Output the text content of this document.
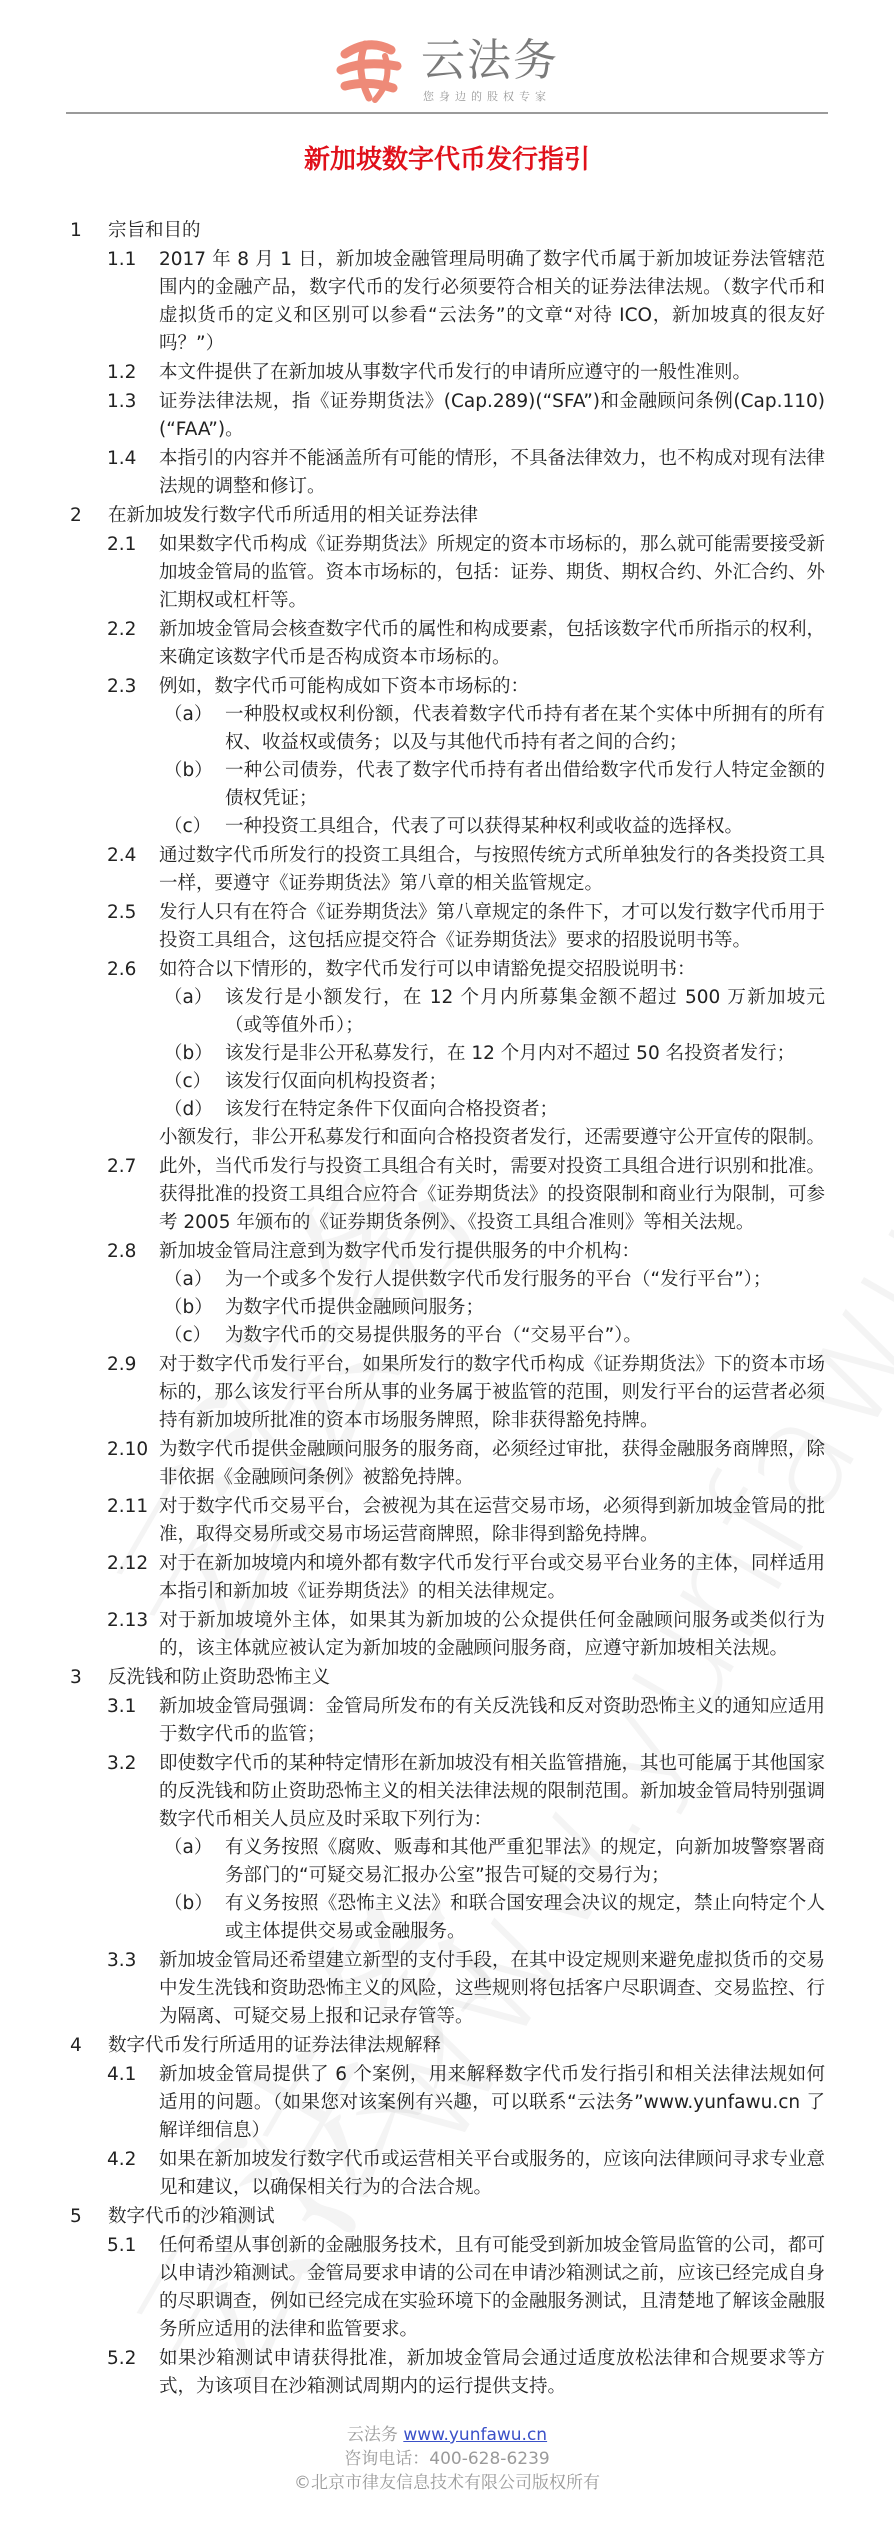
云法务
您身边的股权专家
新加坡数字代币发行指引
1 宗旨和目的
1.1 2017 年 8 月 1 日，新加坡金融管理局明确了数字代币属于新加坡证券法管辖范围内的金融产品，数字代币的发行必须要符合相关的证券法律法规。（数字代币和虚拟货币的定义和区别可以参看“云法务”的文章“对待 ICO，新加坡真的很友好吗？”）
1.2 本文件提供了在新加坡从事数字代币发行的申请所应遵守的一般性准则。
1.3 证券法律法规，指《证券期货法》(Cap.289)(“SFA”)和金融顾问条例(Cap.110)(“FAA”)。
1.4 本指引的内容并不能涵盖所有可能的情形，不具备法律效力，也不构成对现有法律法规的调整和修订。
2 在新加坡发行数字代币所适用的相关证券法律
2.1 如果数字代币构成《证券期货法》所规定的资本市场标的，那么就可能需要接受新加坡金管局的监管。资本市场标的，包括：证券、期货、期权合约、外汇合约、外汇期权或杠杆等。
2.2 新加坡金管局会核查数字代币的属性和构成要素，包括该数字代币所指示的权利，来确定该数字代币是否构成资本市场标的。
2.3 例如，数字代币可能构成如下资本市场标的：
（a） 一种股权或权利份额，代表着数字代币持有者在某个实体中所拥有的所有权、收益权或债务；以及与其他代币持有者之间的合约；
（b） 一种公司债券，代表了数字代币持有者出借给数字代币发行人特定金额的债权凭证；
（c） 一种投资工具组合，代表了可以获得某种权利或收益的选择权。
2.4 通过数字代币所发行的投资工具组合，与按照传统方式所单独发行的各类投资工具一样，要遵守《证券期货法》第八章的相关监管规定。
2.5 发行人只有在符合《证券期货法》第八章规定的条件下，才可以发行数字代币用于投资工具组合，这包括应提交符合《证券期货法》要求的招股说明书等。
2.6 如符合以下情形的，数字代币发行可以申请豁免提交招股说明书：
（a） 该发行是小额发行，在 12 个月内所募集金额不超过 500 万新加坡元（或等值外币）；
（b） 该发行是非公开私募发行，在 12 个月内对不超过 50 名投资者发行；
（c） 该发行仅面向机构投资者；
（d） 该发行在特定条件下仅面向合格投资者；
小额发行，非公开私募发行和面向合格投资者发行，还需要遵守公开宣传的限制。
2.7 此外，当代币发行与投资工具组合有关时，需要对投资工具组合进行识别和批准。获得批准的投资工具组合应符合《证券期货法》的投资限制和商业行为限制，可参考 2005 年颁布的《证券期货条例》、《投资工具组合准则》等相关法规。
2.8 新加坡金管局注意到为数字代币发行提供服务的中介机构：
（a） 为一个或多个发行人提供数字代币发行服务的平台（“发行平台”）；
（b） 为数字代币提供金融顾问服务；
（c） 为数字代币的交易提供服务的平台（“交易平台”）。
2.9 对于数字代币发行平台，如果所发行的数字代币构成《证券期货法》下的资本市场标的，那么该发行平台所从事的业务属于被监管的范围，则发行平台的运营者必须持有新加坡所批准的资本市场服务牌照，除非获得豁免持牌。
2.10 为数字代币提供金融顾问服务的服务商，必须经过审批，获得金融服务商牌照，除非依据《金融顾问条例》被豁免持牌。
2.11 对于数字代币交易平台，会被视为其在运营交易市场，必须得到新加坡金管局的批准，取得交易所或交易市场运营商牌照，除非得到豁免持牌。
2.12 对于在新加坡境内和境外都有数字代币发行平台或交易平台业务的主体，同样适用本指引和新加坡《证券期货法》的相关法律规定。
2.13 对于新加坡境外主体，如果其为新加坡的公众提供任何金融顾问服务或类似行为的，该主体就应被认定为新加坡的金融顾问服务商，应遵守新加坡相关法规。
3 反洗钱和防止资助恐怖主义
3.1 新加坡金管局强调：金管局所发布的有关反洗钱和反对资助恐怖主义的通知应适用于数字代币的监管；
3.2 即使数字代币的某种特定情形在新加坡没有相关监管措施，其也可能属于其他国家的反洗钱和防止资助恐怖主义的相关法律法规的限制范围。新加坡金管局特别强调数字代币相关人员应及时采取下列行为：
（a） 有义务按照《腐败、贩毒和其他严重犯罪法》的规定，向新加坡警察署商务部门的“可疑交易汇报办公室”报告可疑的交易行为；
（b） 有义务按照《恐怖主义法》和联合国安理会决议的规定，禁止向特定个人或主体提供交易或金融服务。
3.3 新加坡金管局还希望建立新型的支付手段，在其中设定规则来避免虚拟货币的交易中发生洗钱和资助恐怖主义的风险，这些规则将包括客户尽职调查、交易监控、行为隔离、可疑交易上报和记录存管等。
4 数字代币发行所适用的证券法律法规解释
4.1 新加坡金管局提供了 6 个案例，用来解释数字代币发行指引和相关法律法规如何适用的问题。（如果您对该案例有兴趣，可以联系“云法务”www.yunfawu.cn 了解详细信息）
4.2 如果在新加坡发行数字代币或运营相关平台或服务的，应该向法律顾问寻求专业意见和建议，以确保相关行为的合法合规。
5 数字代币的沙箱测试
5.1 任何希望从事创新的金融服务技术，且有可能受到新加坡金管局监管的公司，都可以申请沙箱测试。金管局要求申请的公司在申请沙箱测试之前，应该已经完成自身的尽职调查，例如已经完成在实验环境下的金融服务测试，且清楚地了解该金融服务所应适用的法律和监管要求。
5.2 如果沙箱测试申请获得批准，新加坡金管局会通过适度放松法律和合规要求等方式，为该项目在沙箱测试周期内的运行提供支持。
云法务 www.yunfawu.cn
咨询电话：400-628-6239
©北京市律友信息技术有限公司版权所有
